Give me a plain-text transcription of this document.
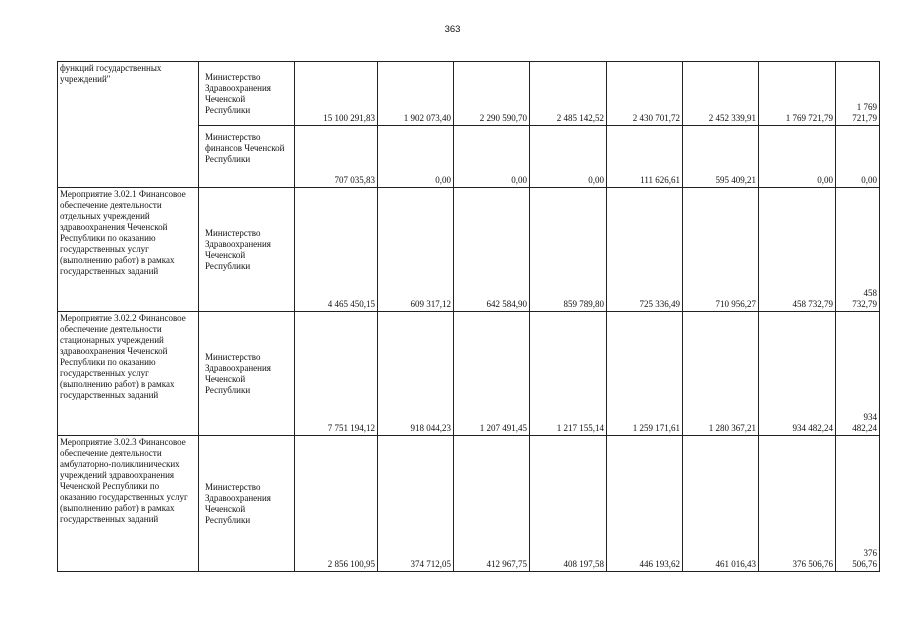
363
функций государственных учреждений"	Министерство Здравоохранения Чеченской Республики	15 100 291,83	1 902 073,40	2 290 590,70	2 485 142,52	2 430 701,72	2 452 339,91	1 769 721,79	1 769 721,79
	Министерство финансов Чеченской Республики	707 035,83	0,00	0,00	0,00	111 626,61	595 409,21	0,00	0,00
Мероприятие 3.02.1 Финансовое обеспечение деятельности отдельных учреждений здравоохранения Чеченской Республики по оказанию государственных услуг (выполнению работ) в рамках государственных заданий	Министерство Здравоохранения Чеченской Республики	4 465 450,15	609 317,12	642 584,90	859 789,80	725 336,49	710 956,27	458 732,79	458 732,79
Мероприятие 3.02.2 Финансовое обеспечение деятельности стационарных учреждений здравоохранения Чеченской Республики по оказанию государственных услуг (выполнению работ) в рамках государственных заданий	Министерство Здравоохранения Чеченской Республики	7 751 194,12	918 044,23	1 207 491,45	1 217 155,14	1 259 171,61	1 280 367,21	934 482,24	934 482,24
Мероприятие 3.02.3 Финансовое обеспечение деятельности амбулаторно-поликлинических учреждений здравоохранения Чеченской Республики по оказанию государственных услуг (выполнению работ) в рамках государственных заданий	Министерство Здравоохранения Чеченской Республики	2 856 100,95	374 712,05	412 967,75	408 197,58	446 193,62	461 016,43	376 506,76	376 506,76
